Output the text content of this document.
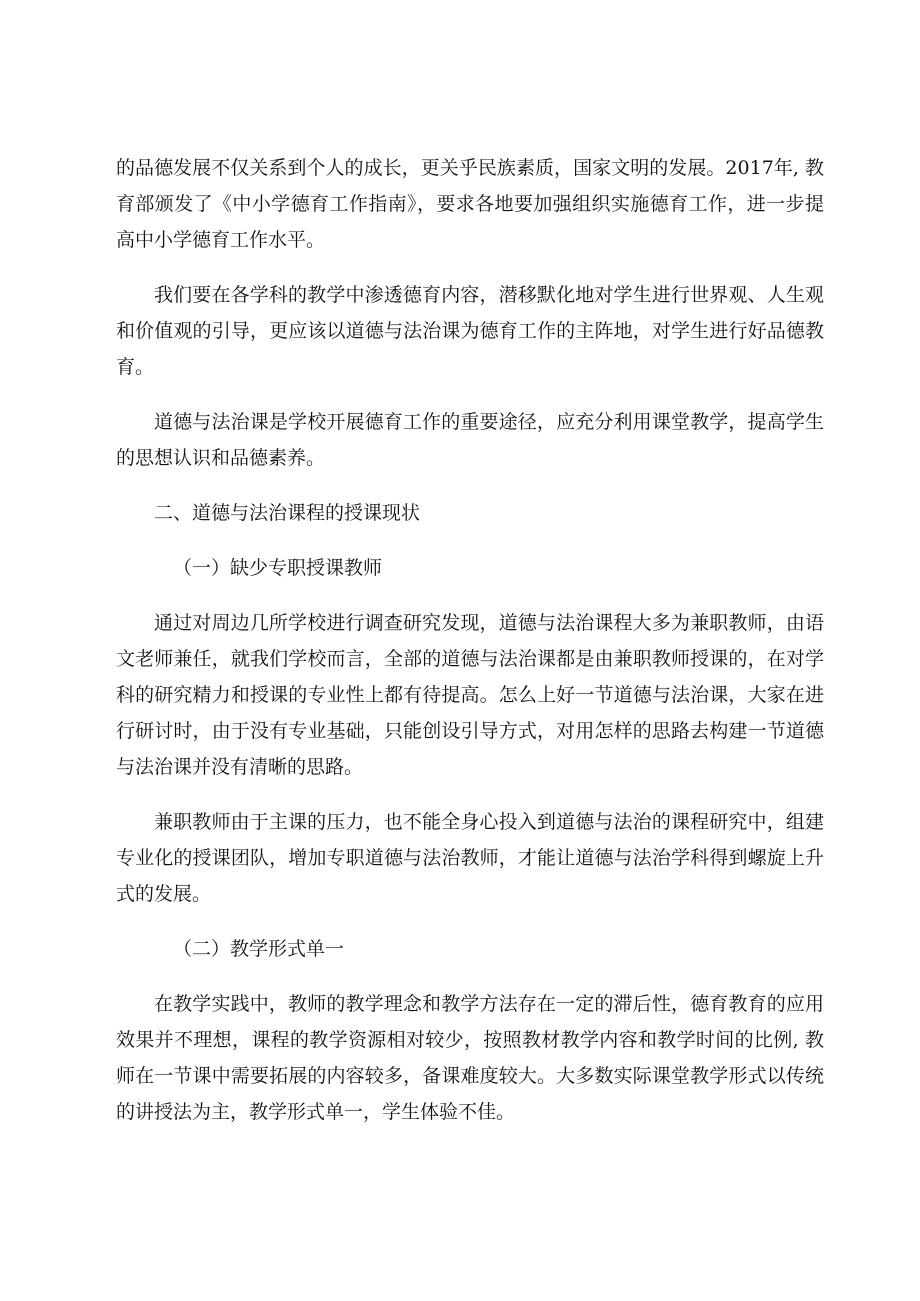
的品德发展不仅关系到个人的成长，更关乎民族素质，国家文明的发展。2017年, 教育部颁发了《中小学德育工作指南》，要求各地要加强组织实施德育工作，进一步提高中小学德育工作水平。

我们要在各学科的教学中渗透德育内容，潜移默化地对学生进行世界观、人生观和价值观的引导，更应该以道德与法治课为德育工作的主阵地，对学生进行好品德教育。

道德与法治课是学校开展德育工作的重要途径，应充分利用课堂教学，提高学生的思想认识和品德素养。

二、道德与法治课程的授课现状

（一）缺少专职授课教师

通过对周边几所学校进行调查研究发现，道德与法治课程大多为兼职教师，由语文老师兼任，就我们学校而言，全部的道德与法治课都是由兼职教师授课的，在对学科的研究精力和授课的专业性上都有待提高。怎么上好一节道德与法治课，大家在进行研讨时，由于没有专业基础，只能创设引导方式，对用怎样的思路去构建一节道德与法治课并没有清晰的思路。

兼职教师由于主课的压力，也不能全身心投入到道德与法治的课程研究中，组建专业化的授课团队，增加专职道德与法治教师，才能让道德与法治学科得到螺旋上升式的发展。

（二）教学形式单一

在教学实践中，教师的教学理念和教学方法存在一定的滞后性，德育教育的应用效果并不理想，课程的教学资源相对较少，按照教材教学内容和教学时间的比例, 教师在一节课中需要拓展的内容较多，备课难度较大。大多数实际课堂教学形式以传统的讲授法为主，教学形式单一，学生体验不佳。
